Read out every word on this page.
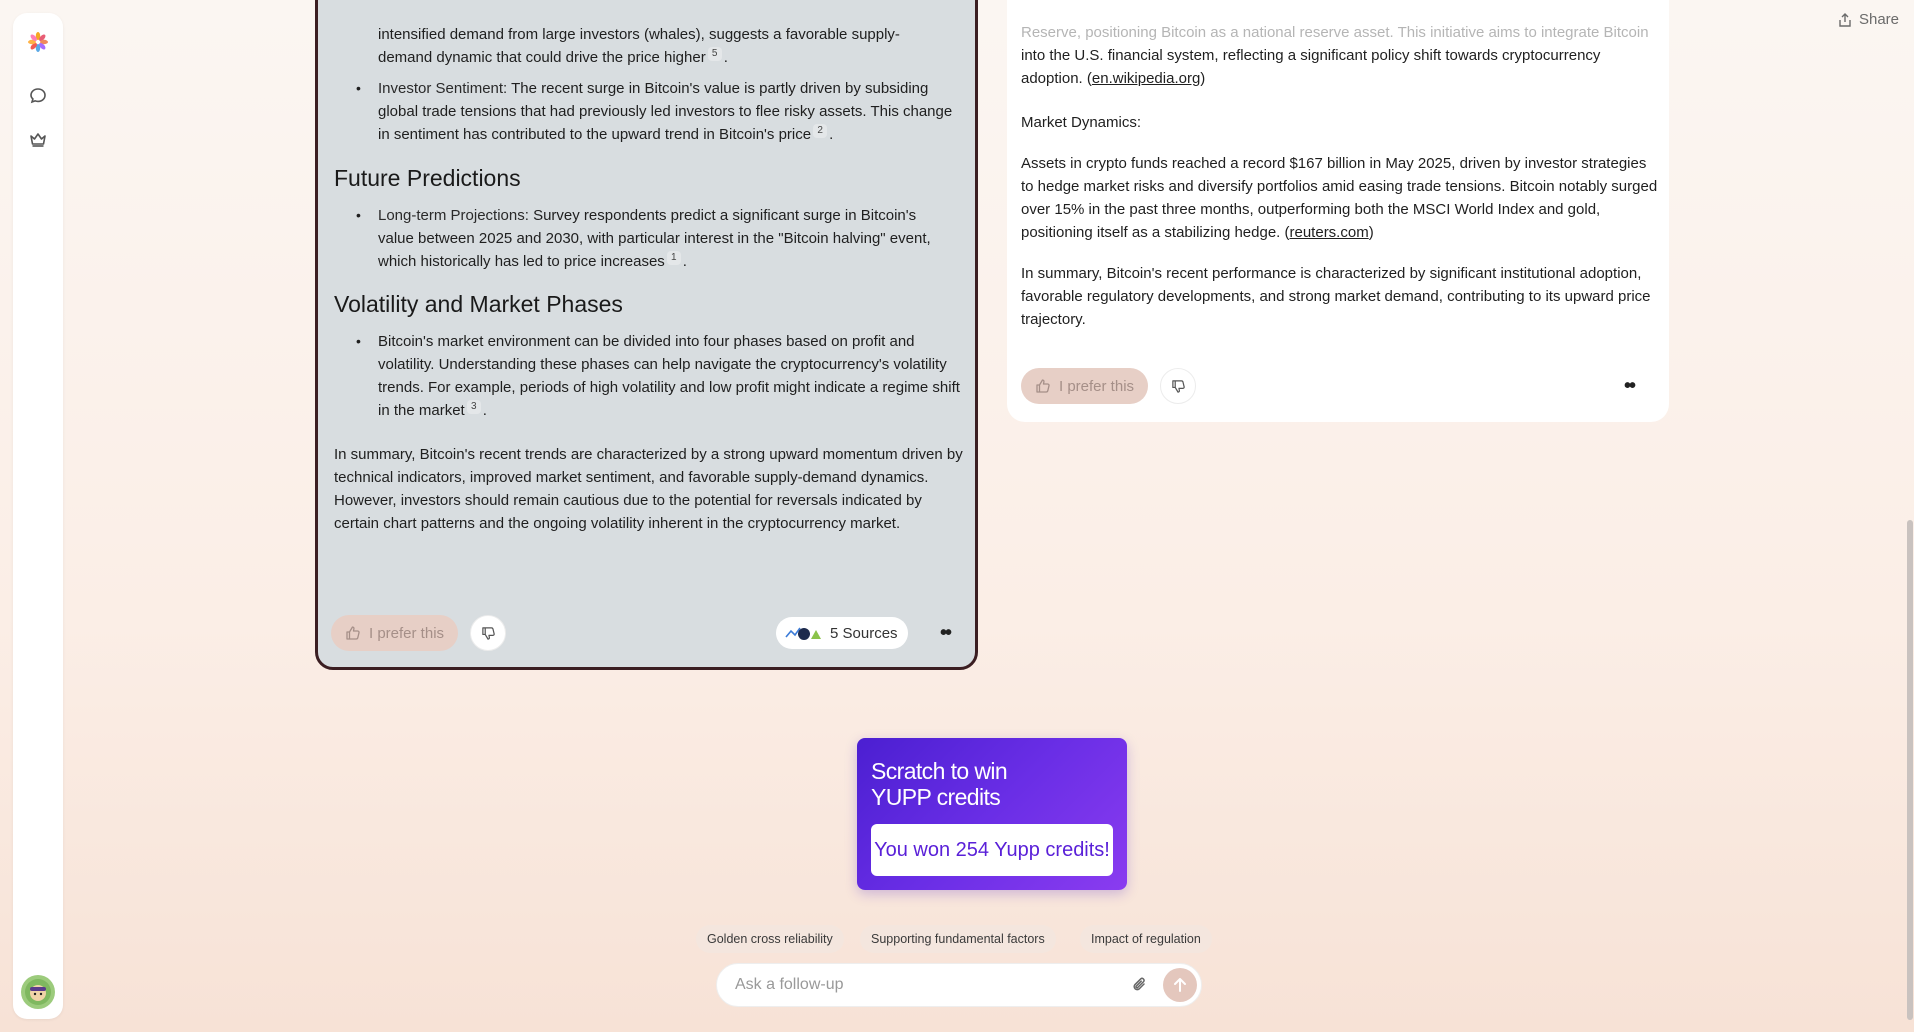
Share
intensified demand from large investors (whales), suggests a favorable supply-demand dynamic that could drive the price higher 5 .
• Investor Sentiment: The recent surge in Bitcoin's value is partly driven by subsiding global trade tensions that had previously led investors to flee risky assets. This change in sentiment has contributed to the upward trend in Bitcoin's price 2 .
Future Predictions
• Long-term Projections: Survey respondents predict a significant surge in Bitcoin's value between 2025 and 2030, with particular interest in the "Bitcoin halving" event, which historically has led to price increases 1 .
Volatility and Market Phases
• Bitcoin's market environment can be divided into four phases based on profit and volatility. Understanding these phases can help navigate the cryptocurrency's volatility trends. For example, periods of high volatility and low profit might indicate a regime shift in the market 3 .
In summary, Bitcoin's recent trends are characterized by a strong upward momentum driven by technical indicators, improved market sentiment, and favorable supply-demand dynamics. However, investors should remain cautious due to the potential for reversals indicated by certain chart patterns and the ongoing volatility inherent in the cryptocurrency market.
I prefer this	5 Sources	••
Reserve, positioning Bitcoin as a national reserve asset. This initiative aims to integrate Bitcoin
into the U.S. financial system, reflecting a significant policy shift towards cryptocurrency adoption. (en.wikipedia.org)
Market Dynamics:
Assets in crypto funds reached a record $167 billion in May 2025, driven by investor strategies to hedge market risks and diversify portfolios amid easing trade tensions. Bitcoin notably surged over 15% in the past three months, outperforming both the MSCI World Index and gold, positioning itself as a stabilizing hedge. (reuters.com)
In summary, Bitcoin's recent performance is characterized by significant institutional adoption, favorable regulatory developments, and strong market demand, contributing to its upward price trajectory.
I prefer this	••
Scratch to win YUPP credits
You won 254 Yupp credits!
Golden cross reliability	Supporting fundamental factors	Impact of regulation
Ask a follow-up
